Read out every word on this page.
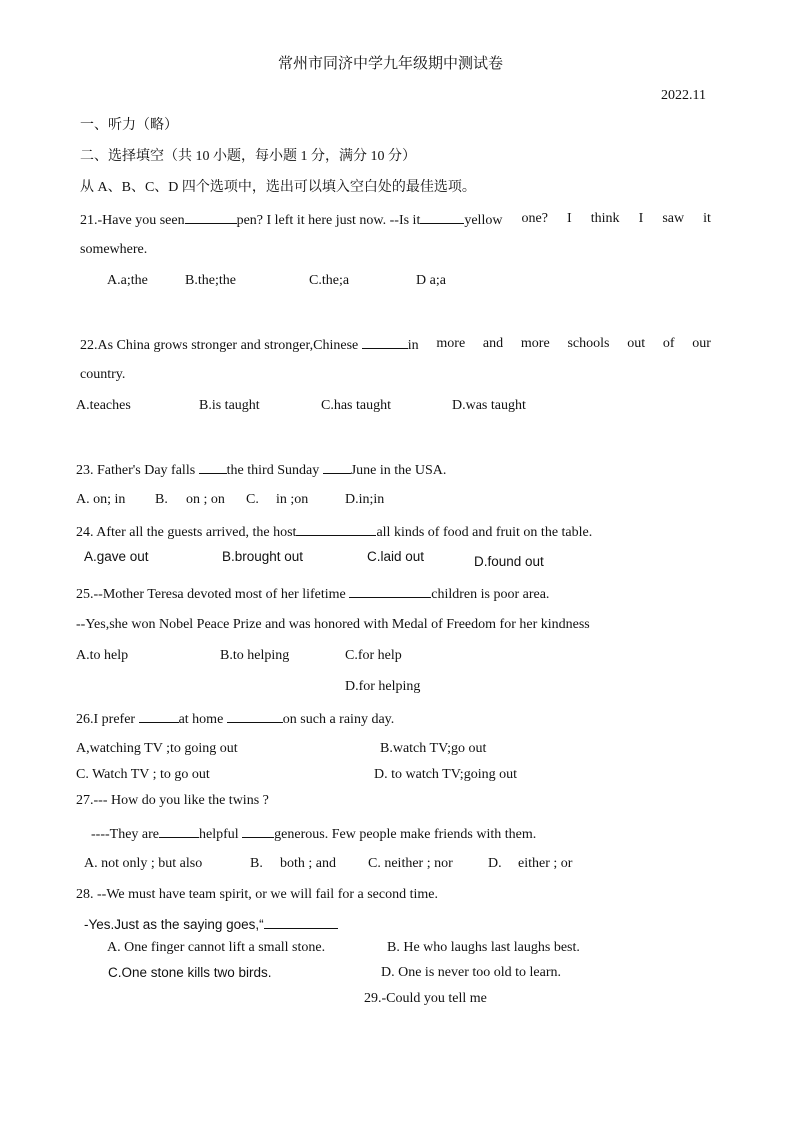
常州市同济中学九年级期中测试卷
2022.11
一、听力（略）
二、选择填空（共 10 小题，每小题 1 分，满分 10 分）
从 A、B、C、D 四个选项中，选出可以填入空白处的最佳选项。
21.-Have you seen	pen? I left it here just now. --Is it	yellow one? I think I saw it
somewhere.
A.a;the	B.the;the	C.the;a	D a;a
22.As China grows stronger and stronger,Chinese	in more and more schools out of our
country.
A.teaches	B.is taught	C.has taught	D.was taught
23. Father's Day falls the third Sunday June in the USA.
A. on; in B. on ; on C. in ;on	D.in;in
24. After all the guests arrived, the host	all kinds of food and fruit on the table.
A.gave out	B.brought out	C.laid out	D.found out
25.--Mother Teresa devoted most of her lifetime	children is poor area.
--Yes,she won Nobel Peace Prize and was honored with Medal of Freedom for her kindness
A.to help	B.to helping	C.for help
D.for helping
26.I prefer	at home	on such a rainy day.
A,watching TV ;to going out	B.watch TV;go out
C. Watch TV ; to go out	D. to watch TV;going out
27.--- How do you like the twins ?
----They are	helpful	generous. Few people make friends with them.
A. not only ; but also	B. both ; and C. neither ; nor	D. either ; or
28. --We must have team spirit, or we will fail for a second time.
-Yes.Just as the saying goes,“
A. One finger cannot lift a small stone.	B. He who laughs last laughs best.
C.One stone kills two birds.	D. One is never too old to learn.
29.-Could you tell me
